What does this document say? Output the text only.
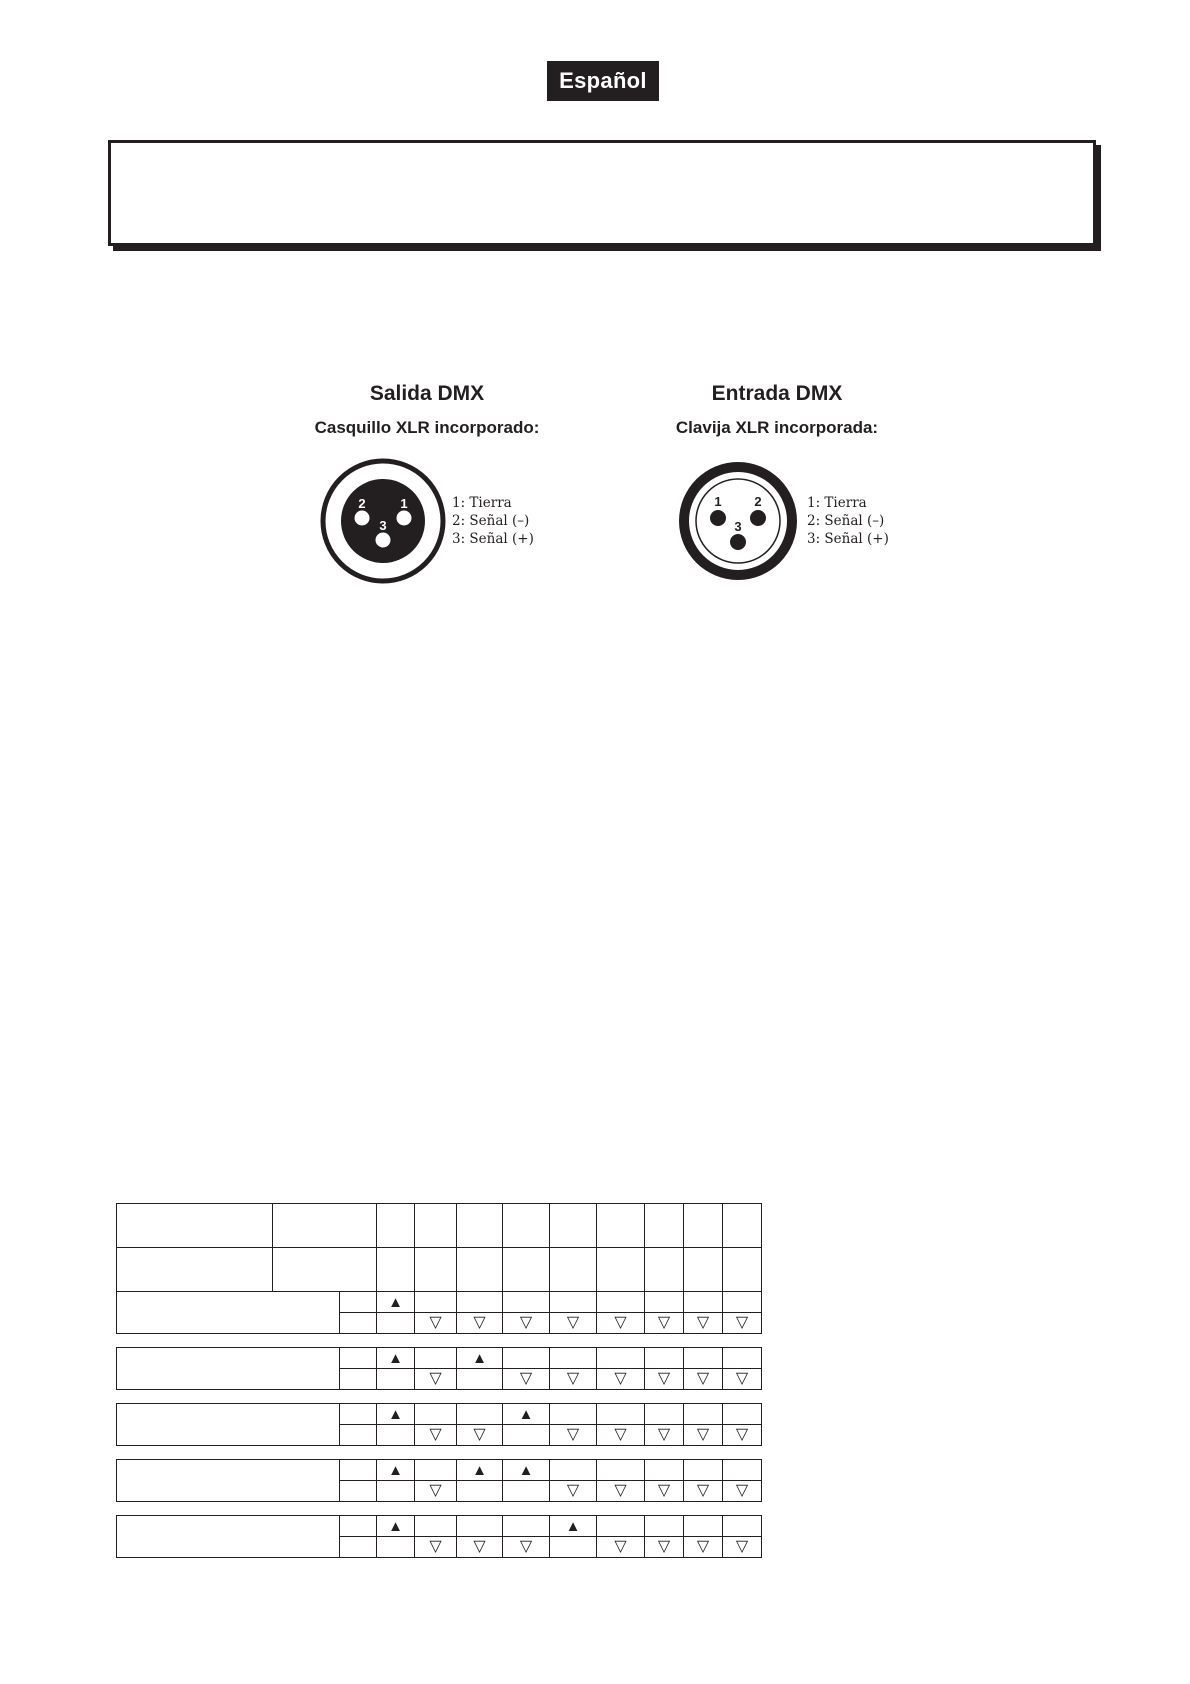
Español
Salida DMX
Casquillo XLR incorporado:
2	1
3
1: Tierra
2: Señal (–)
3: Señal (+)
Entrada DMX
Clavija XLR incorporada:
1	2
3
1: Tierra
2: Señal (–)
3: Señal (+)

			▲								
				▽	▽	▽	▽	▽	▽	▽	▽

			▲		▲						
				▽		▽	▽	▽	▽	▽	▽

			▲			▲					
				▽	▽		▽	▽	▽	▽	▽

			▲		▲	▲					
				▽			▽	▽	▽	▽	▽

			▲				▲				
				▽	▽	▽		▽	▽	▽	▽
